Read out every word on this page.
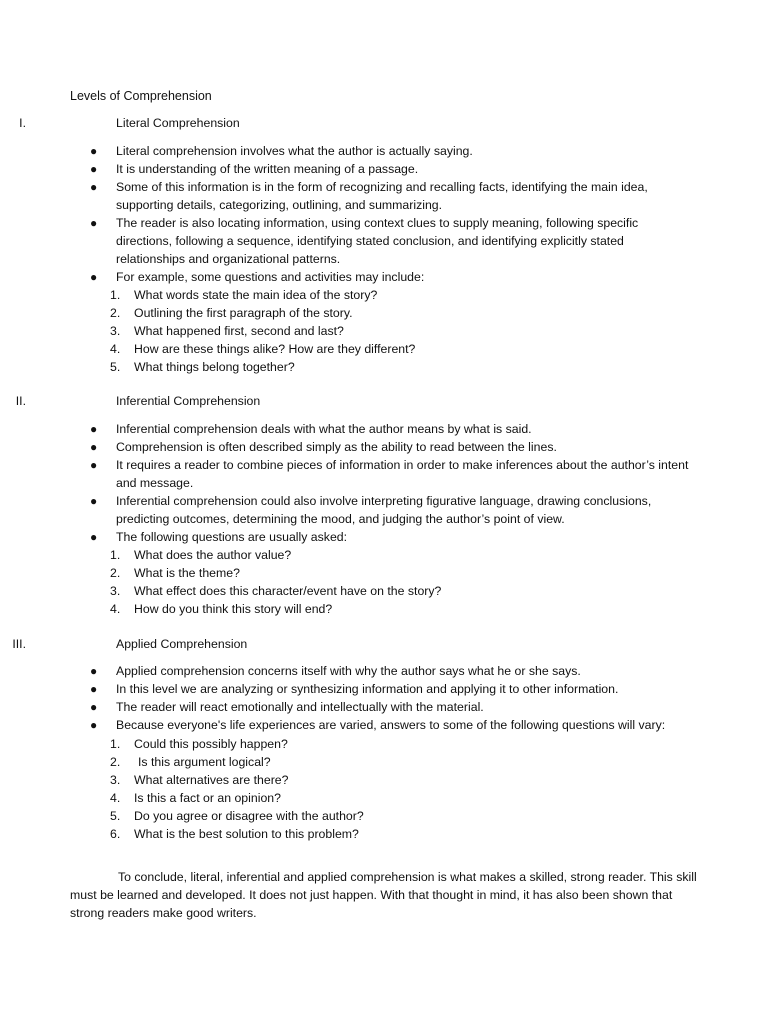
Levels of Comprehension
I.	Literal Comprehension
● Literal comprehension involves what the author is actually saying.
● It is understanding of the written meaning of a passage.
● Some of this information is in the form of recognizing and recalling facts, identifying the main idea, supporting details, categorizing, outlining, and summarizing.
● The reader is also locating information, using context clues to supply meaning, following specific directions, following a sequence, identifying stated conclusion, and identifying explicitly stated relationships and organizational patterns.
● For example, some questions and activities may include:
1. What words state the main idea of the story?
2. Outlining the first paragraph of the story.
3. What happened first, second and last?
4. How are these things alike? How are they different?
5. What things belong together?
II.	Inferential Comprehension
● Inferential comprehension deals with what the author means by what is said.
● Comprehension is often described simply as the ability to read between the lines.
● It requires a reader to combine pieces of information in order to make inferences about the author’s intent and message.
● Inferential comprehension could also involve interpreting figurative language, drawing conclusions, predicting outcomes, determining the mood, and judging the author’s point of view.
● The following questions are usually asked:
1. What does the author value?
2. What is the theme?
3. What effect does this character/event have on the story?
4. How do you think this story will end?
III.	Applied Comprehension
● Applied comprehension concerns itself with why the author says what he or she says.
● In this level we are analyzing or synthesizing information and applying it to other information.
● The reader will react emotionally and intellectually with the material.
● Because everyone's life experiences are varied, answers to some of the following questions will vary:
1. Could this possibly happen?
2. Is this argument logical?
3. What alternatives are there?
4. Is this a fact or an opinion?
5. Do you agree or disagree with the author?
6. What is the best solution to this problem?

To conclude, literal, inferential and applied comprehension is what makes a skilled, strong reader. This skill must be learned and developed. It does not just happen. With that thought in mind, it has also been shown that strong readers make good writers.
